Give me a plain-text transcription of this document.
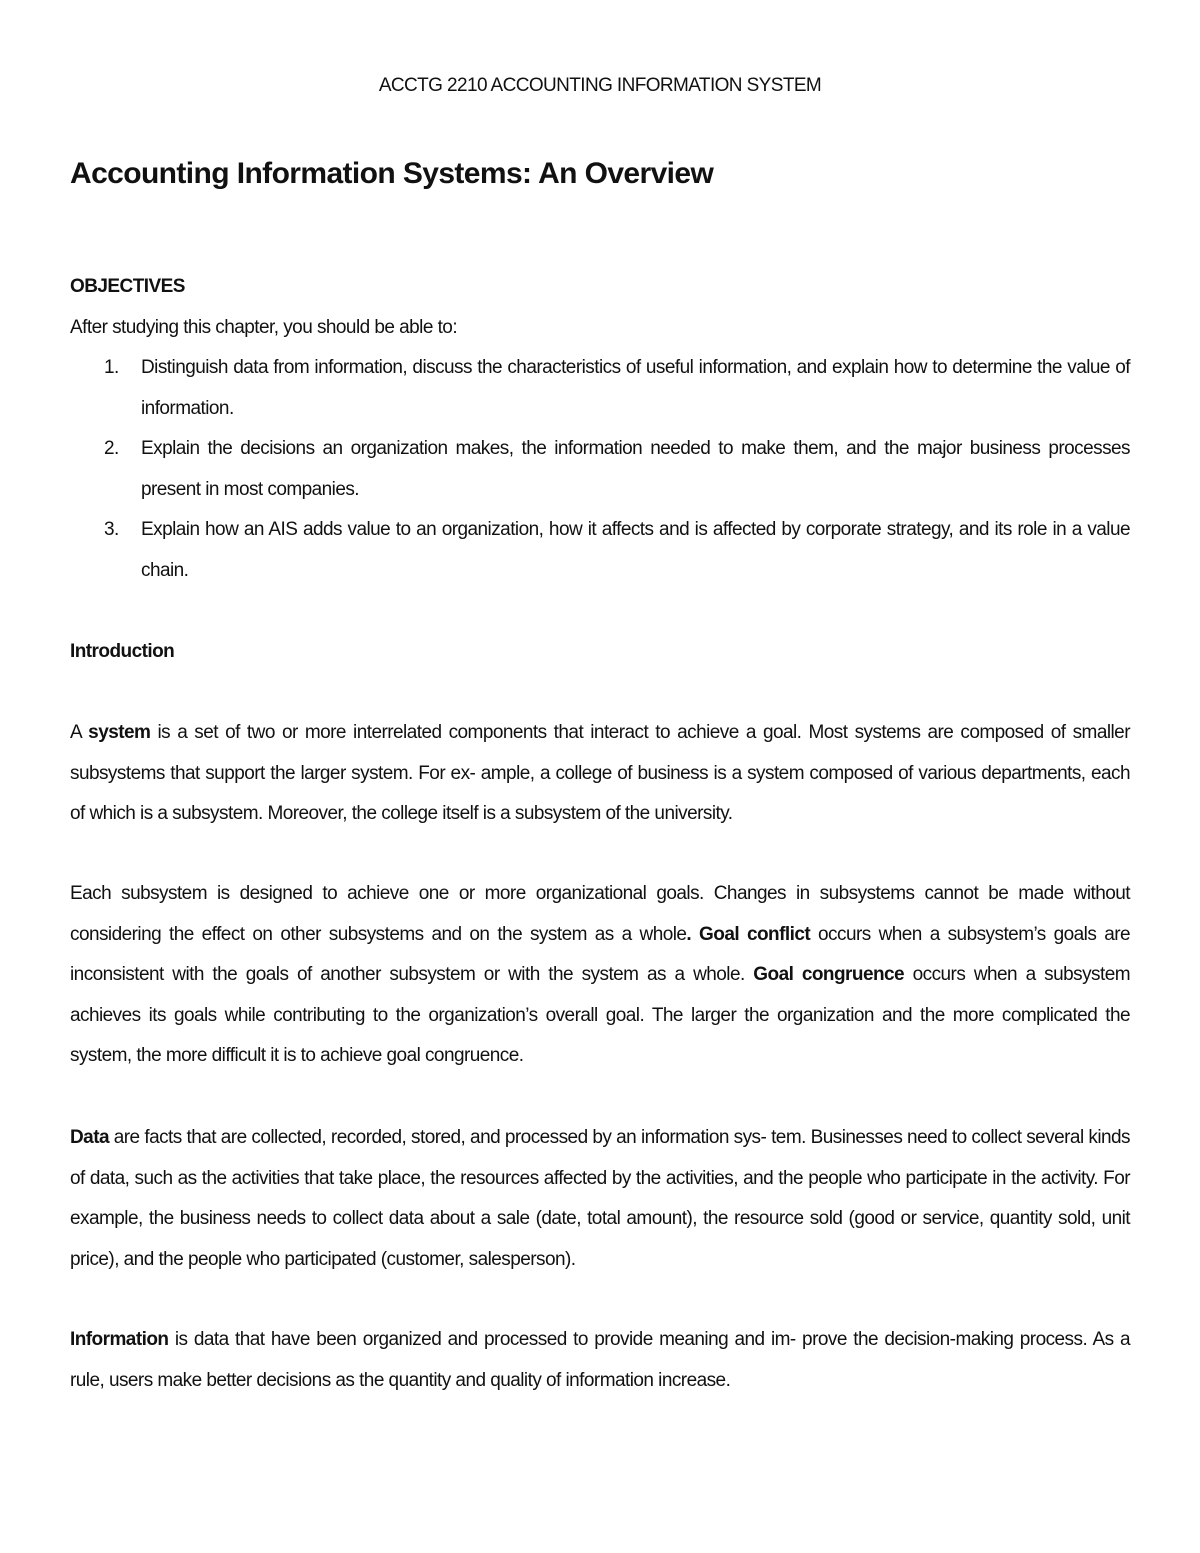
ACCTG 2210 ACCOUNTING INFORMATION SYSTEM
Accounting Information Systems: An Overview
OBJECTIVES
After studying this chapter, you should be able to:
1. Distinguish data from information, discuss the characteristics of useful information, and explain how to determine the value of information.
2. Explain the decisions an organization makes, the information needed to make them, and the major business processes present in most companies.
3. Explain how an AIS adds value to an organization, how it affects and is affected by corporate strategy, and its role in a value chain.
Introduction
A system is a set of two or more interrelated components that interact to achieve a goal. Most systems are composed of smaller subsystems that support the larger system. For ex- ample, a college of business is a system composed of various departments, each of which is a subsystem. Moreover, the college itself is a subsystem of the university.
Each subsystem is designed to achieve one or more organizational goals. Changes in subsystems cannot be made without considering the effect on other subsystems and on the system as a whole. Goal conflict occurs when a subsystem’s goals are inconsistent with the goals of another subsystem or with the system as a whole. Goal congruence occurs when a subsystem achieves its goals while contributing to the organization’s overall goal. The larger the organization and the more complicated the system, the more difficult it is to achieve goal congruence.
Data are facts that are collected, recorded, stored, and processed by an information sys- tem. Businesses need to collect several kinds of data, such as the activities that take place, the resources affected by the activities, and the people who participate in the activity. For example, the business needs to collect data about a sale (date, total amount), the resource sold (good or service, quantity sold, unit price), and the people who participated (customer, salesperson).
Information is data that have been organized and processed to provide meaning and im- prove the decision-making process. As a rule, users make better decisions as the quantity and quality of information increase.
